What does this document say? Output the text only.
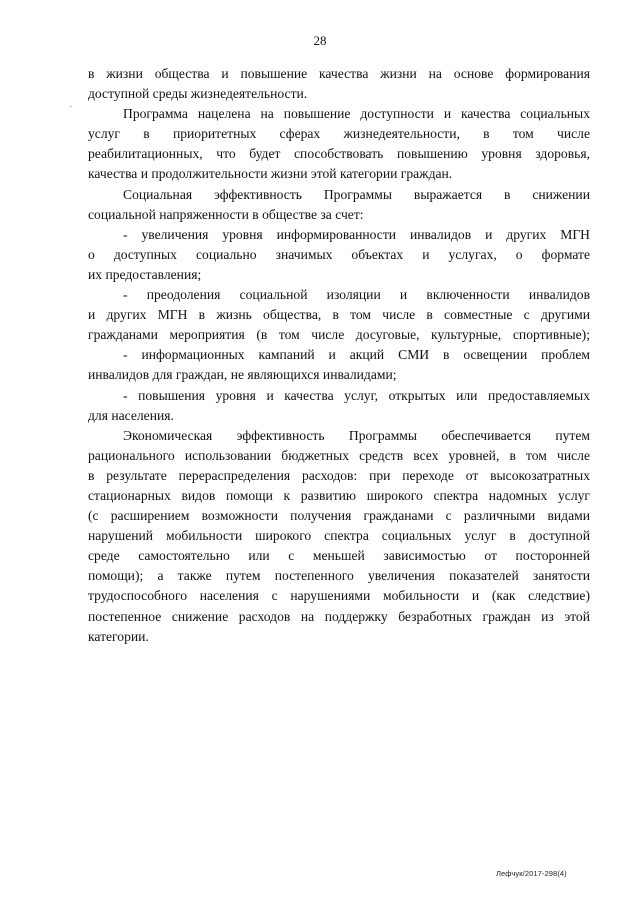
28
в жизни общества и повышение качества жизни на основе формирования
доступной среды жизнедеятельности.
Программа нацелена на повышение доступности и качества социальных
услуг в приоритетных сферах жизнедеятельности, в том числе
реабилитационных, что будет способствовать повышению уровня здоровья,
качества и продолжительности жизни этой категории граждан.
Социальная эффективность Программы выражается в снижении
социальной напряженности в обществе за счет:
- увеличения уровня информированности инвалидов и других МГН
о доступных социально значимых объектах и услугах, о формате
их предоставления;
- преодоления социальной изоляции и включенности инвалидов
и других МГН в жизнь общества, в том числе в совместные с другими
гражданами мероприятия (в том числе досуговые, культурные, спортивные);
- информационных кампаний и акций СМИ в освещении проблем
инвалидов для граждан, не являющихся инвалидами;
- повышения уровня и качества услуг, открытых или предоставляемых
для населения.
Экономическая эффективность Программы обеспечивается путем
рационального использовании бюджетных средств всех уровней, в том числе
в результате перераспределения расходов: при переходе от высокозатратных
стационарных видов помощи к развитию широкого спектра надомных услуг
(с расширением возможности получения гражданами с различными видами
нарушений мобильности широкого спектра социальных услуг в доступной
среде самостоятельно или с меньшей зависимостью от посторонней
помощи); а также путем постепенного увеличения показателей занятости
трудоспособного населения с нарушениями мобильности и (как следствие)
постепенное снижение расходов на поддержку безработных граждан из этой
категории.
Лефчук/2017-298(4)
